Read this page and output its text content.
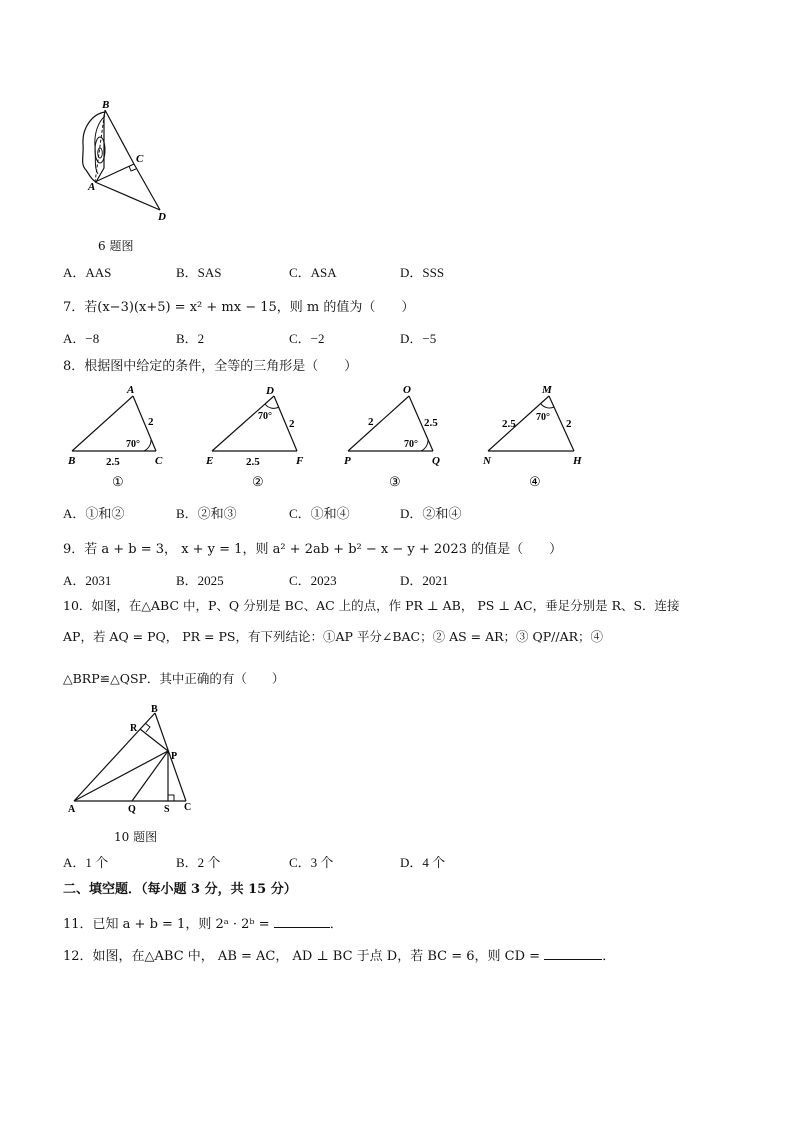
B
C
A
D
6 题图
A．AAS	B．SAS	C．ASA	D．SSS
7．若(x−3)(x+5) = x² + mx − 15，则 m 的值为（　　）
A．−8	B．2	C．−2	D．−5
8．根据图中给定的条件，全等的三角形是（　　）
A
B	C
2
2.5
70°
①
D
E	F
2
2.5
70°
②
O
P	Q
2	2.5
70°
③
M
N	H
2.5	2
70°
④
A．①和②	B．②和③	C．①和④	D．②和④
9．若 a + b = 3， x + y = 1，则 a² + 2ab + b² − x − y + 2023 的值是（　　）
A．2031	B．2025	C．2023	D．2021
10．如图，在△ABC 中，P、Q 分别是 BC、AC 上的点，作 PR ⊥ AB， PS ⊥ AC，垂足分别是 R、S．连接
AP，若 AQ = PQ， PR = PS，有下列结论：①AP 平分∠BAC；② AS = AR；③ QP//AR；④
△BRP≌△QSP．其中正确的有（　　）
B
R
P
A	Q	S C
10 题图
A．1 个	B．2 个	C．3 个	D．4 个
二、填空题．（每小题 3 分，共 15 分）
11．已知 a + b = 1，则 2ᵃ · 2ᵇ =	．
12．如图，在△ABC 中， AB = AC， AD ⊥ BC 于点 D，若 BC = 6，则 CD =	．
